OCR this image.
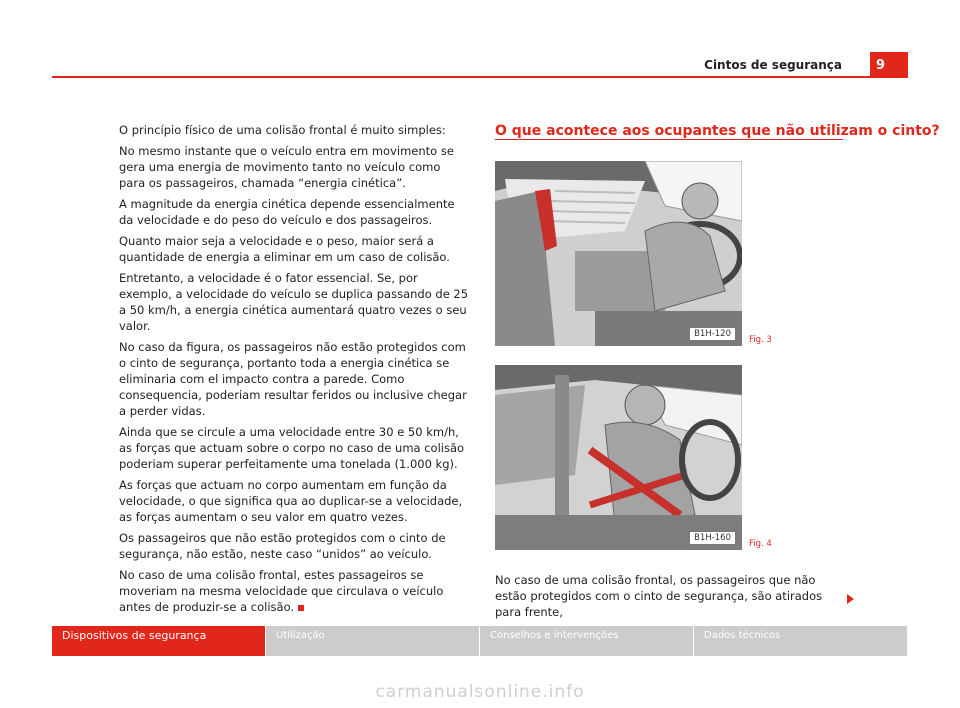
Cintos de segurança	9

O princípio físico de uma colisão frontal é muito simples:

No mesmo instante que o veículo entra em movimento se gera uma energia de movimento tanto no veículo como para os passageiros, chamada “energia cinética”.

A magnitude da energia cinética depende essencialmente da velocidade e do peso do veículo e dos passageiros.

Quanto maior seja a velocidade e o peso, maior será a quantidade de energia a eliminar em um caso de colisão.

Entretanto, a velocidade é o fator essencial. Se, por exemplo, a velocidade do veículo se duplica passando de 25 a 50 km/h, a energia cinética aumentará quatro vezes o seu valor.

No caso da figura, os passageiros não estão protegidos com o cinto de segurança, portanto toda a energia cinética se eliminaria com el impacto contra a parede. Como consequencia, poderiam resultar feridos ou inclusive chegar a perder vidas.

Ainda que se circule a uma velocidade entre 30 e 50 km/h, as forças que actuam sobre o corpo no caso de uma colisão poderiam superar perfeitamente uma tonelada (1.000 kg).

As forças que actuam no corpo aumentam em função da velocidade, o que significa qua ao duplicar-se a velocidade, as forças aumentam o seu valor em quatro vezes.

Os passageiros que não estão protegidos com o cinto de segurança, não estão, neste caso “unidos” ao veículo.

No caso de uma colisão frontal, estes passageiros se moveriam na mesma velocidade que circulava o veículo antes de produzir-se a colisão.

O que acontece aos ocupantes que não utilizam o cinto?
B1H-120
Fig. 3
B1H-160
Fig. 4
No caso de uma colisão frontal, os passageiros que não estão protegidos com o cinto de segurança, são atirados para frente,
Dispositivos de segurança	Utilização	Conselhos e intervenções	Dados técnicos
carmanualsonline.info
